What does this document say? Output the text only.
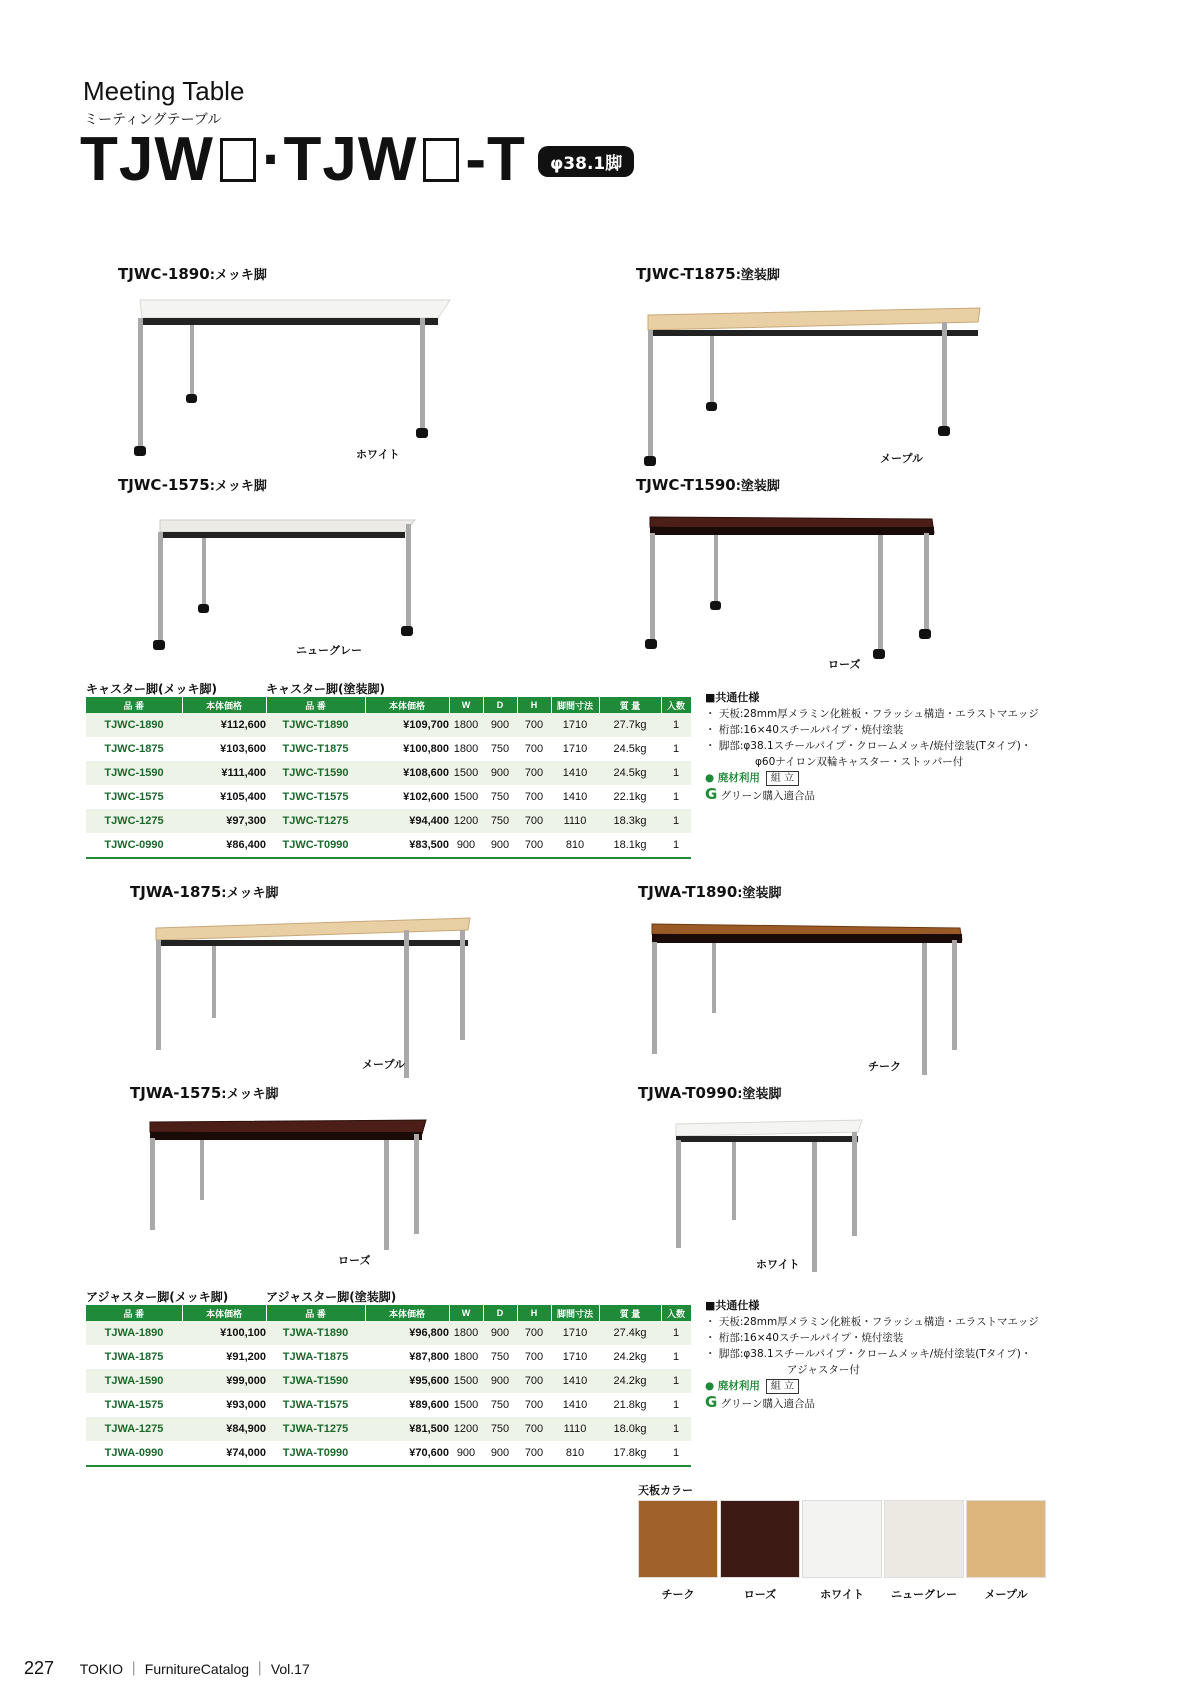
Meeting Table
ミーティングテーブル
TJW ·TJW -T	φ38.1脚
TJWC-1890:メッキ脚	TJWC-T1875:塗装脚
TJWC-1575:メッキ脚	TJWC-T1590:塗装脚
TJWA-1875:メッキ脚	TJWA-T1890:塗装脚
TJWA-1575:メッキ脚	TJWA-T0990:塗装脚
ホワイト	メープル
ニューグレー
ローズ
キャスター脚(メッキ脚)	キャスター脚(塗装脚)
品 番	本体価格	品 番	本体価格	W	D	H	脚間寸法	質 量	入数
TJWC-1890	¥112,600	TJWC-T1890	¥109,700	1800	900	700	1710	27.7kg	1
TJWC-1875	¥103,600	TJWC-T1875	¥100,800	1800	750	700	1710	24.5kg	1
TJWC-1590	¥111,400	TJWC-T1590	¥108,600	1500	900	700	1410	24.5kg	1
TJWC-1575	¥105,400	TJWC-T1575	¥102,600	1500	750	700	1410	22.1kg	1
TJWC-1275	¥97,300	TJWC-T1275	¥94,400	1200	750	700	1110	18.3kg	1
TJWC-0990	¥86,400	TJWC-T0990	¥83,500	900	900	700	810	18.1kg	1
■共通仕様
・ 天板:28mm厚メラミン化粧板・フラッシュ構造・エラストマエッジ
・ 桁部:16×40スチールパイプ・焼付塗装
・ 脚部:φ38.1スチールパイプ・クロームメッキ/焼付塗装(Tタイプ)・
φ60ナイロン双輪キャスター・ストッパー付
● 廃材利用 組 立
G グリーン購入適合品
メープル	チーク
ローズ	ホワイト
アジャスター脚(メッキ脚)	アジャスター脚(塗装脚)
品 番	本体価格	品 番	本体価格	W	D	H	脚間寸法	質 量	入数
TJWA-1890	¥100,100	TJWA-T1890	¥96,800	1800	900	700	1710	27.4kg	1
TJWA-1875	¥91,200	TJWA-T1875	¥87,800	1800	750	700	1710	24.2kg	1
TJWA-1590	¥99,000	TJWA-T1590	¥95,600	1500	900	700	1410	24.2kg	1
TJWA-1575	¥93,000	TJWA-T1575	¥89,600	1500	750	700	1410	21.8kg	1
TJWA-1275	¥84,900	TJWA-T1275	¥81,500	1200	750	700	1110	18.0kg	1
TJWA-0990	¥74,000	TJWA-T0990	¥70,600	900	900	700	810	17.8kg	1
■共通仕様
・ 天板:28mm厚メラミン化粧板・フラッシュ構造・エラストマエッジ
・ 桁部:16×40スチールパイプ・焼付塗装
・ 脚部:φ38.1スチールパイプ・クロームメッキ/焼付塗装(Tタイプ)・
アジャスター付
● 廃材利用 組 立
G グリーン購入適合品
天板カラー
チーク	ローズ	ホワイト	ニューグレー	メープル
227 TOKIO ｜ FurnitureCatalog ｜ Vol.17
